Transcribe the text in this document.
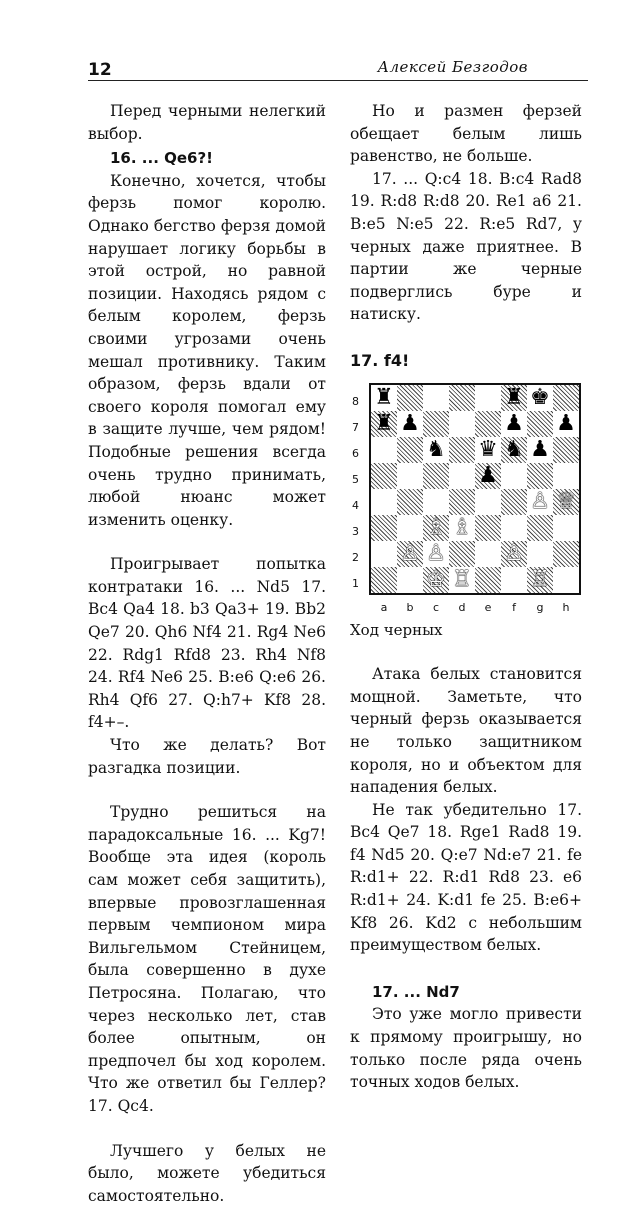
12	Алексей Безгодов

Перед черными нелегкий выбор.

16. ... Qe6?!

Конечно, хочется, чтобы ферзь помог королю. Однако бегство ферзя домой нарушает логику борьбы в этой острой, но равной позиции. Находясь рядом с белым королем, ферзь своими угрозами очень мешал противнику. Таким образом, ферзь вдали от своего короля помогал ему в защите лучше, чем рядом! Подобные решения всегда очень трудно принимать, любой нюанс может изменить оценку.

Проигрывает попытка контратаки 16. ... Nd5 17. Bc4 Qa4 18. b3 Qa3+ 19. Bb2 Qe7 20. Qh6 Nf4 21. Rg4 Ne6 22. Rdg1 Rfd8 23. Rh4 Nf8 24. Rf4 Ne6 25. B:e6 Q:e6 26. Rh4 Qf6 27. Q:h7+ Kf8 28. f4+–.

Что же делать? Вот разгадка позиции.

Трудно решиться на парадоксальные 16. ... Kg7! Вообще эта идея (король сам может себя защитить), впервые провозглашенная первым чемпионом мира Вильгельмом Стейницем, была совершенно в духе Петросяна. Полагаю, что через несколько лет, став более опытным, он предпочел бы ход королем. Что же ответил бы Геллер? 17. Qc4.

Лучшего у белых не было, можете убедиться самостоятельно.

Но и размен ферзей обещает белым лишь равенство, не больше.

17. ... Q:c4 18. B:c4 Rad8 19. R:d8 R:d8 20. Re1 a6 21. B:e5 N:e5 22. R:e5 Rd7, у черных даже приятнее. В партии же черные подверглись буре и натиску.

17. f4!
8
7
6
5
4
3
2
1
♜	♜ ♚
♜ ♟	♟ ♟
♞ ♛ ♞ ♟
♟
♙ ♕
♗ ♗
♙ ♙	♙
♔ ♖	♖
a	b	c	d	e	f	g	h

Ход черных

Атака белых становится мощной. Заметьте, что черный ферзь оказывается не только защитником короля, но и объектом для нападения белых.

Не так убедительно 17. Bc4 Qe7 18. Rge1 Rad8 19. f4 Nd5 20. Q:e7 Nd:e7 21. fe R:d1+ 22. R:d1 Rd8 23. e6 R:d1+ 24. K:d1 fe 25. B:e6+ Kf8 26. Kd2 с небольшим преимуществом белых.

17. ... Nd7

Это уже могло привести к прямому проигрышу, но только после ряда очень точных ходов белых.
